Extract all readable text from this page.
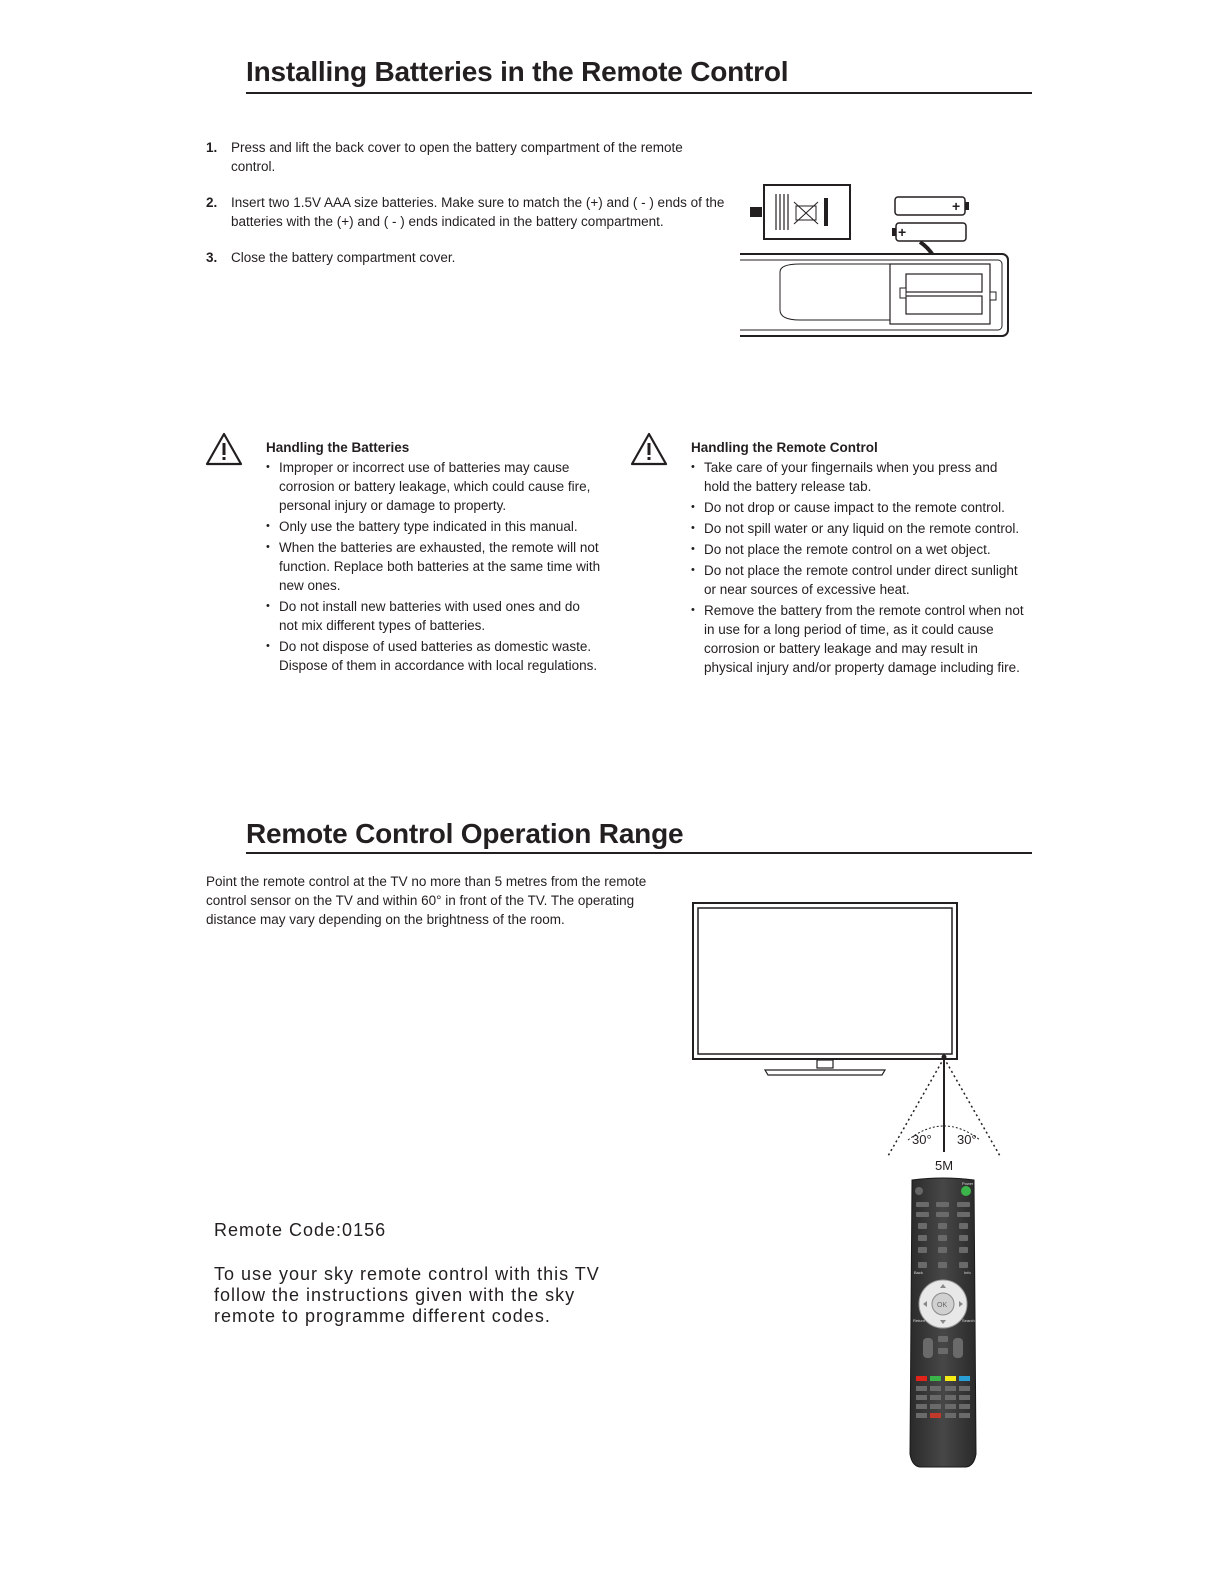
Installing Batteries in the Remote Control
1. Press and lift the back cover to open the battery compartment of the remote control.
2. Insert two 1.5V AAA size batteries. Make sure to match the (+) and ( - ) ends of the batteries with the (+) and ( - ) ends indicated in the battery compartment.
3. Close the battery compartment cover.
+
+
Handling the Batteries
• Improper or incorrect use of batteries may cause corrosion or battery leakage, which could cause fire, personal injury or damage to property.
• Only use the battery type indicated in this manual.
• When the batteries are exhausted, the remote will not function. Replace both batteries at the same time with new ones.
• Do not install new batteries with used ones and do not mix different types of batteries.
• Do not dispose of used batteries as domestic waste. Dispose of them in accordance with local regulations.
Handling the Remote Control
• Take care of your fingernails when you press and hold the battery release tab.
• Do not drop or cause impact to the remote control.
• Do not spill water or any liquid on the remote control.
• Do not place the remote control on a wet object.
• Do not place the remote control under direct sunlight or near sources of excessive heat.
• Remove the battery from the remote control when not in use for a long period of time, as it could cause corrosion or battery leakage and may result in physical injury and/or property damage including fire.
Remote Control Operation Range
Point the remote control at the TV no more than 5 metres from the remote control sensor on the TV and within 60° in front of the TV. The operating distance may vary depending on the brightness of the room.
30° 30°
5M
Power
Back	Info
OK
Return	Search
Remote Code:0156
To use your sky remote control with this TV follow the instructions given with the sky remote to programme different codes.
